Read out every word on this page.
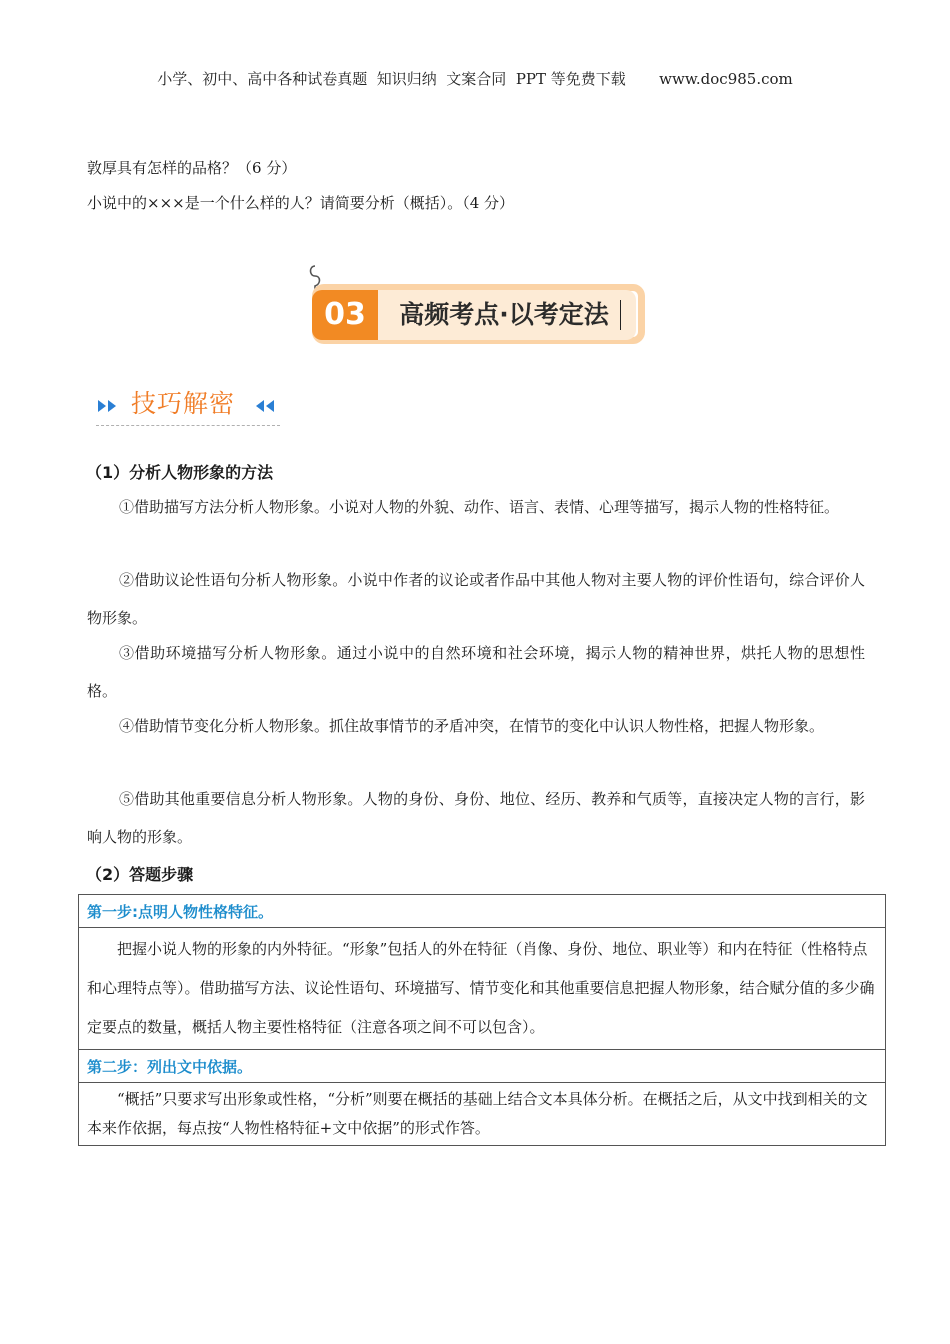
小学、初中、高中各种试卷真题  知识归纳  文案合同  PPT 等免费下载       www.doc985.com
敦厚具有怎样的品格？（6 分）
小说中的×××是一个什么样的人？请简要分析（概括）。（4 分）
03	高频考点·以考定法
技巧解密
（1）分析人物形象的方法
①借助描写方法分析人物形象。小说对人物的外貌、动作、语言、表情、心理等描写，揭示人物的性格特征。
②借助议论性语句分析人物形象。小说中作者的议论或者作品中其他人物对主要人物的评价性语句，综合评价人物形象。
③借助环境描写分析人物形象。通过小说中的自然环境和社会环境，揭示人物的精神世界，烘托人物的思想性格。
④借助情节变化分析人物形象。抓住故事情节的矛盾冲突，在情节的变化中认识人物性格，把握人物形象。
⑤借助其他重要信息分析人物形象。人物的身份、身份、地位、经历、教养和气质等，直接决定人物的言行，影响人物的形象。
（2）答题步骤
第一步:点明人物性格特征。
把握小说人物的形象的内外特征。“形象”包括人的外在特征（肖像、身份、地位、职业等）和内在特征（性格特点和心理特点等）。借助描写方法、议论性语句、环境描写、情节变化和其他重要信息把握人物形象，结合赋分值的多少确定要点的数量，概括人物主要性格特征（注意各项之间不可以包含）。
第二步：列出文中依据。
“概括”只要求写出形象或性格，“分析”则要在概括的基础上结合文本具体分析。在概括之后，从文中找到相关的文本来作依据，每点按“人物性格特征+文中依据”的形式作答。
